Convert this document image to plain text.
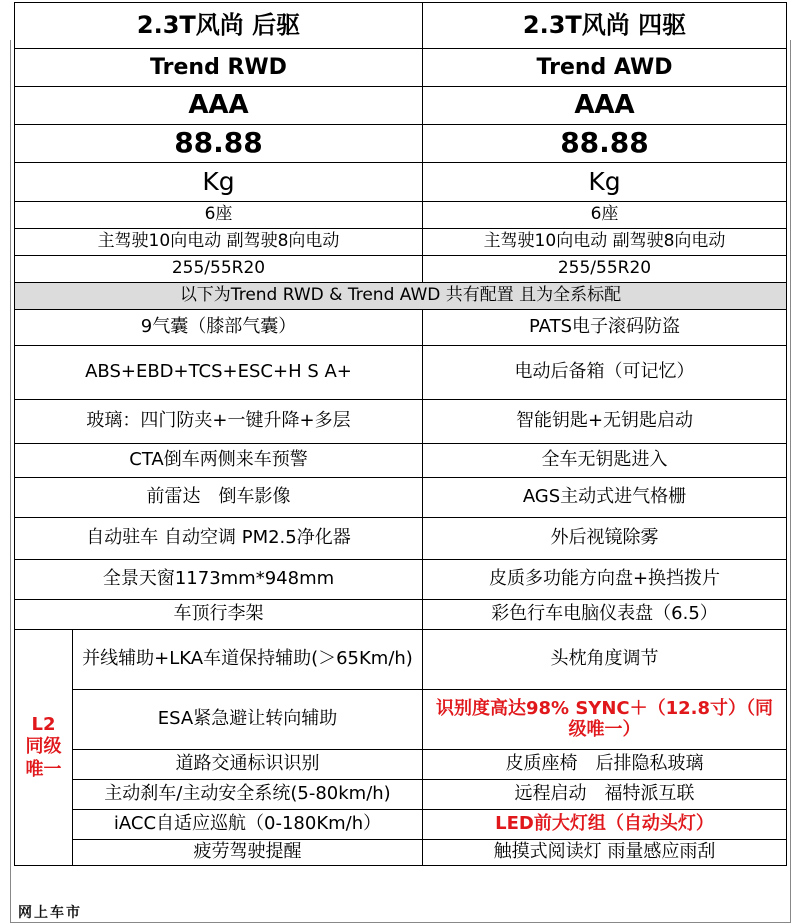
2.3T风尚 后驱		2.3T风尚 四驱
Trend RWD		Trend AWD
AAA		AAA
88.88		88.88
Kg		Kg
6座		6座
主驾驶10向电动 副驾驶8向电动		主驾驶10向电动 副驾驶8向电动
255/55R20		255/55R20
以下为Trend RWD & Trend AWD 共有配置 且为全系标配		
9气囊（膝部气囊）		PATS电子滚码防盗
ABS+EBD+TCS+ESC+H S A+		电动后备箱（可记忆）
玻璃：四门防夹+一键升降+多层		智能钥匙+无钥匙启动
CTA倒车两侧来车预警		全车无钥匙进入
前雷达　倒车影像		AGS主动式进气格栅
自动驻车 自动空调 PM2.5净化器		外后视镜除雾
全景天窗1173mm*948mm		皮质多功能方向盘+换挡拨片
车顶行李架		彩色行车电脑仪表盘（6.5）
L2
同级
唯一	并线辅助+LKA车道保持辅助(＞65Km/h)	头枕角度调节
	ESA紧急避让转向辅助	识别度高达98% SYNC＋（12.8寸）（同级唯一）
	道路交通标识识别	皮质座椅　后排隐私玻璃
	主动刹车/主动安全系统(5-80km/h)	远程启动　福特派互联
	iACC自适应巡航（0-180Km/h）	LED前大灯组（自动头灯）
	疲劳驾驶提醒	触摸式阅读灯 雨量感应雨刮
网上车市
